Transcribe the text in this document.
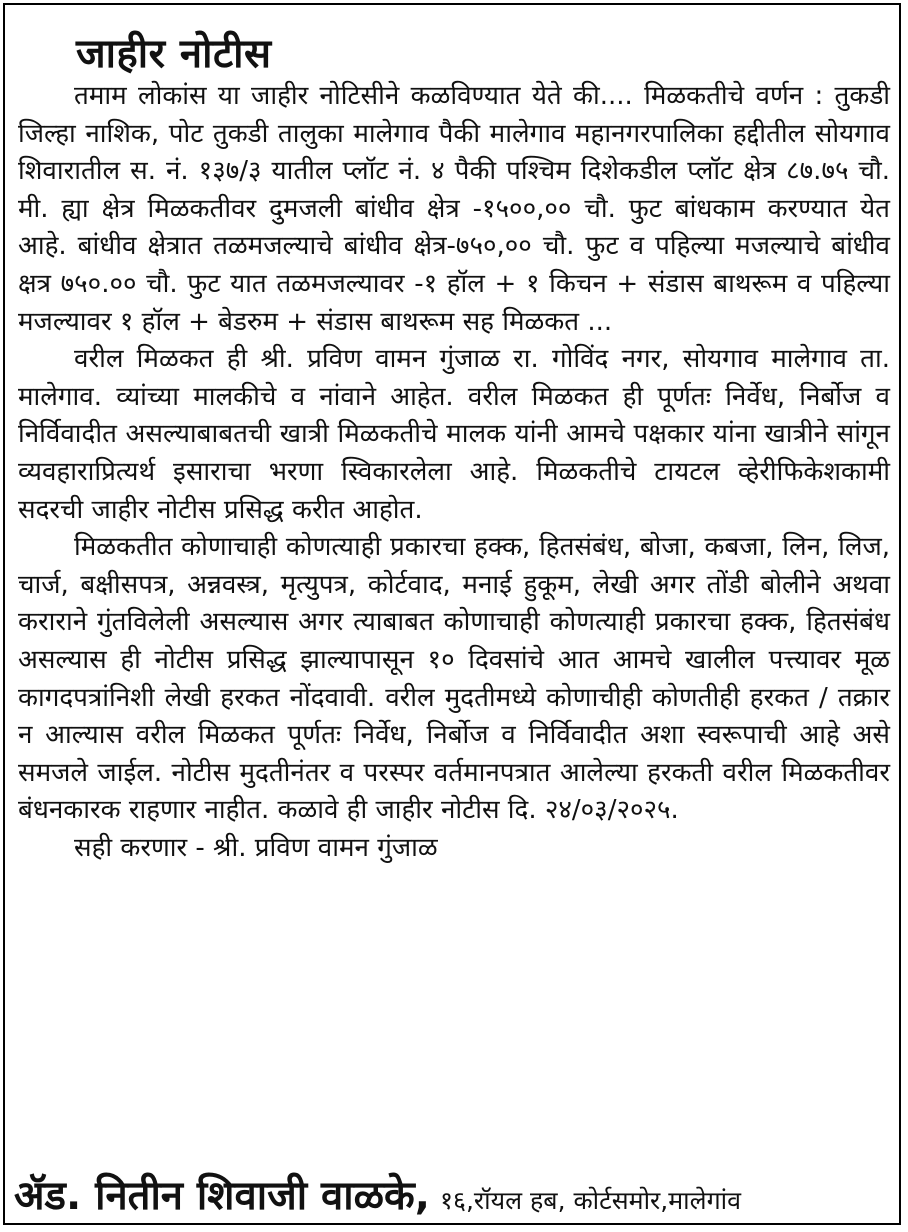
जाहीर नोटीस

तमाम लोकांस या जाहीर नोटिसीने कळविण्यात येते की.... मिळकतीचे वर्णन : तुकडी जिल्हा नाशिक, पोट तुकडी तालुका मालेगाव पैकी मालेगाव महानगरपालिका हद्दीतील सोयगाव शिवारातील स. नं. १३७/३ यातील प्लॉट नं. ४ पैकी पश्चिम दिशेकडील प्लॉट क्षेत्र ८७.७५ चौ. मी. ह्या क्षेत्र मिळकतीवर दुमजली बांधीव क्षेत्र -१५००,०० चौ. फुट बांधकाम करण्यात येत आहे. बांधीव क्षेत्रात तळमजल्याचे बांधीव क्षेत्र-७५०,०० चौ. फुट व पहिल्या मजल्याचे बांधीव क्षत्र ७५०.०० चौ. फुट यात तळमजल्यावर -१ हॉल + १ किचन + संडास बाथरूम व पहिल्या मजल्यावर १ हॉल + बेडरुम + संडास बाथरूम सह मिळकत ...

वरील मिळकत ही श्री. प्रविण वामन गुंजाळ रा. गोविंद नगर, सोयगाव मालेगाव ता. मालेगाव. व्यांच्या मालकीचे व नांवाने आहेत. वरील मिळकत ही पूर्णतः निर्वेध, निर्बोज व निर्विवादीत असल्याबाबतची खात्री मिळकतीचे मालक यांनी आमचे पक्षकार यांना खात्रीने सांगून व्यवहाराप्रित्यर्थ इसाराचा भरणा स्विकारलेला आहे. मिळकतीचे टायटल व्हेरीफिकेशकामी सदरची जाहीर नोटीस प्रसिद्ध करीत आहोत.

मिळकतीत कोणाचाही कोणत्याही प्रकारचा हक्क, हितसंबंध, बोजा, कबजा, लिन, लिज, चार्ज, बक्षीसपत्र, अन्नवस्त्र, मृत्युपत्र, कोर्टवाद, मनाई हुकूम, लेखी अगर तोंडी बोलीने अथवा कराराने गुंतविलेली असल्यास अगर त्याबाबत कोणाचाही कोणत्याही प्रकारचा हक्क, हितसंबंध असल्यास ही नोटीस प्रसिद्ध झाल्यापासून १० दिवसांचे आत आमचे खालील पत्त्यावर मूळ कागदपत्रांनिशी लेखी हरकत नोंदवावी. वरील मुदतीमध्ये कोणाचीही कोणतीही हरकत / तक्रार न आल्यास वरील मिळकत पूर्णतः निर्वेध, निर्बोज व निर्विवादीत अशा स्वरूपाची आहे असे समजले जाईल. नोटीस मुदतीनंतर व परस्पर वर्तमानपत्रात आलेल्या हरकती वरील मिळकतीवर बंधनकारक राहणार नाहीत. कळावे ही जाहीर नोटीस दि. २४/०३/२०२५.

सही करणार - श्री. प्रविण वामन गुंजाळ

ॲड. नितीन शिवाजी वाळके, १६,रॉयल हब, कोर्टसमोर,मालेगांव
